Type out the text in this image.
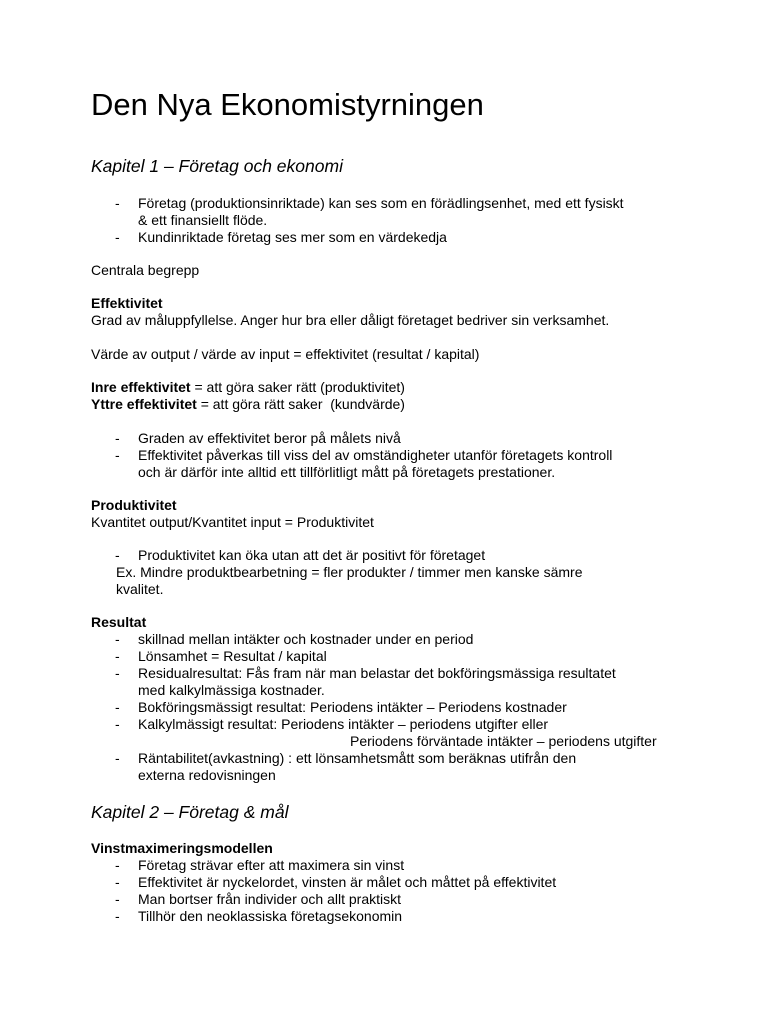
Den Nya Ekonomistyrningen
Kapitel 1 – Företag och ekonomi
- Företag (produktionsinriktade) kan ses som en förädlingsenhet, med ett fysiskt
& ett finansiellt flöde.
- Kundinriktade företag ses mer som en värdekedja
Centrala begrepp
Effektivitet
Grad av måluppfyllelse. Anger hur bra eller dåligt företaget bedriver sin verksamhet.
Värde av output / värde av input = effektivitet (resultat / kapital)
Inre effektivitet = att göra saker rätt (produktivitet)
Yttre effektivitet = att göra rätt saker  (kundvärde)
- Graden av effektivitet beror på målets nivå
- Effektivitet påverkas till viss del av omständigheter utanför företagets kontroll
och är därför inte alltid ett tillförlitligt mått på företagets prestationer.
Produktivitet
Kvantitet output/Kvantitet input = Produktivitet
- Produktivitet kan öka utan att det är positivt för företaget
Ex. Mindre produktbearbetning = fler produkter / timmer men kanske sämre
kvalitet.
Resultat
- skillnad mellan intäkter och kostnader under en period
- Lönsamhet = Resultat / kapital
- Residualresultat: Fås fram när man belastar det bokföringsmässiga resultatet
med kalkylmässiga kostnader.
- Bokföringsmässigt resultat: Periodens intäkter – Periodens kostnader
- Kalkylmässigt resultat: Periodens intäkter – periodens utgifter eller
Periodens förväntade intäkter – periodens utgifter
- Räntabilitet(avkastning) : ett lönsamhetsmått som beräknas utifrån den
externa redovisningen
Kapitel 2 – Företag & mål
Vinstmaximeringsmodellen
- Företag strävar efter att maximera sin vinst
- Effektivitet är nyckelordet, vinsten är målet och måttet på effektivitet
- Man bortser från individer och allt praktiskt
- Tillhör den neoklassiska företagsekonomin
